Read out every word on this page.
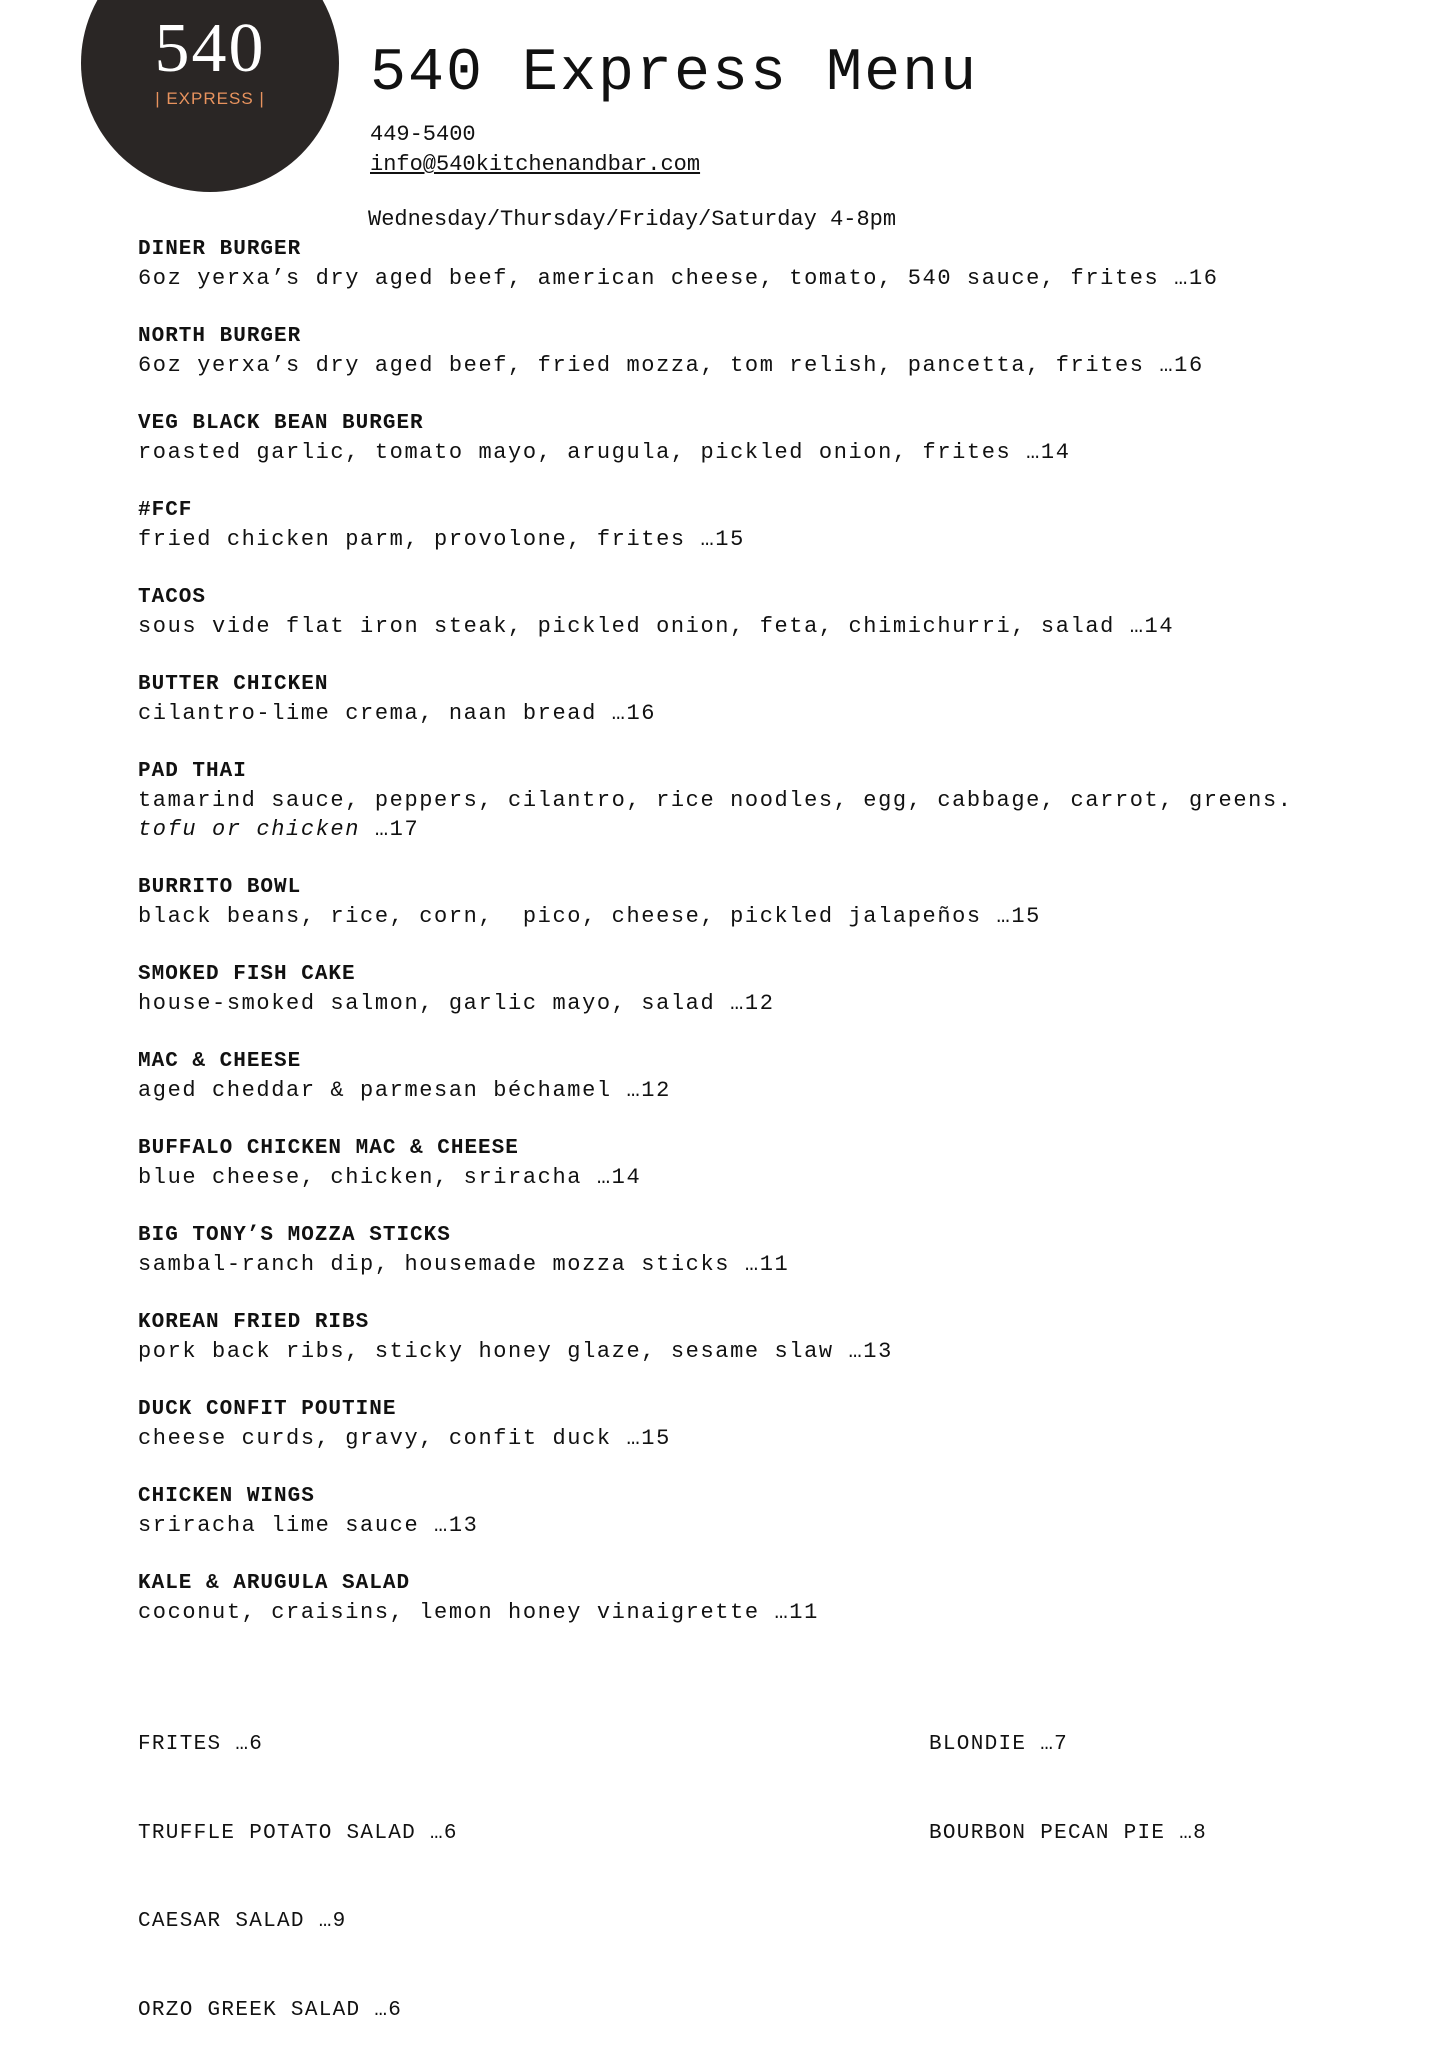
540
| EXPRESS |	540 Express Menu
449-5400
info@540kitchenandbar.com
Wednesday/Thursday/Friday/Saturday 4-8pm
DINER BURGER
6oz yerxa’s dry aged beef, american cheese, tomato, 540 sauce, frites …16
NORTH BURGER
6oz yerxa’s dry aged beef, fried mozza, tom relish, pancetta, frites …16
VEG BLACK BEAN BURGER
roasted garlic, tomato mayo, arugula, pickled onion, frites …14
#FCF
fried chicken parm, provolone, frites …15
TACOS
sous vide flat iron steak, pickled onion, feta, chimichurri, salad …14
BUTTER CHICKEN
cilantro-lime crema, naan bread …16
PAD THAI
tamarind sauce, peppers, cilantro, rice noodles, egg, cabbage, carrot, greens.
tofu or chicken …17
BURRITO BOWL
black beans, rice, corn,  pico, cheese, pickled jalapeños …15
SMOKED FISH CAKE
house-smoked salmon, garlic mayo, salad …12
MAC & CHEESE
aged cheddar & parmesan béchamel …12
BUFFALO CHICKEN MAC & CHEESE
blue cheese, chicken, sriracha …14
BIG TONY’S MOZZA STICKS
sambal-ranch dip, housemade mozza sticks …11
KOREAN FRIED RIBS
pork back ribs, sticky honey glaze, sesame slaw …13
DUCK CONFIT POUTINE
cheese curds, gravy, confit duck …15
CHICKEN WINGS
sriracha lime sauce …13
KALE & ARUGULA SALAD
coconut, craisins, lemon honey vinaigrette …11

FRITES …6

TRUFFLE POTATO SALAD …6

CAESAR SALAD …9

ORZO GREEK SALAD …6

BLONDIE …7

BOURBON PECAN PIE …8
